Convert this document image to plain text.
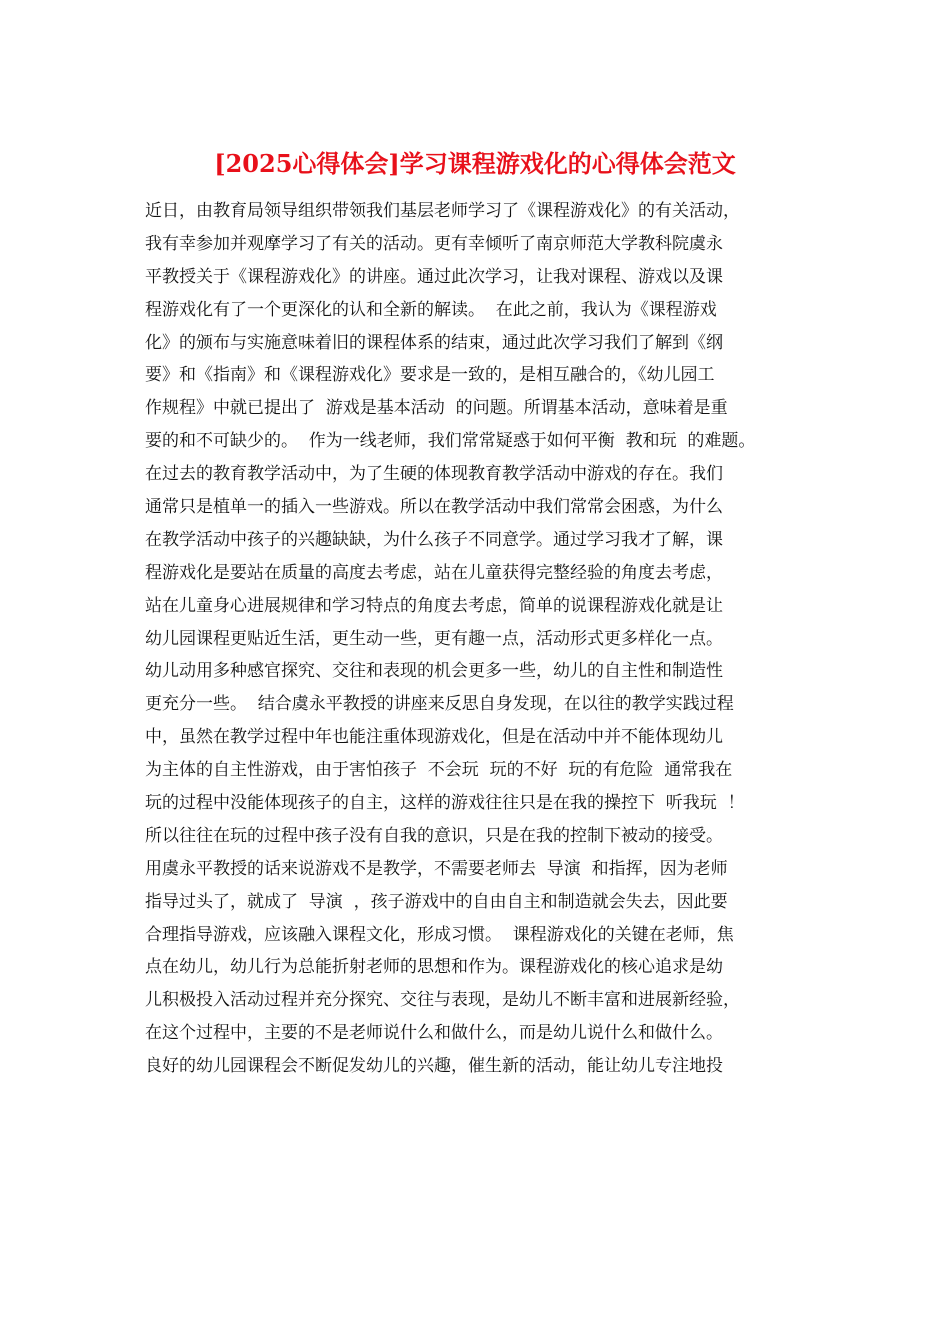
[2025心得体会]学习课程游戏化的心得体会范文
近日，由教育局领导组织带领我们基层老师学习了《课程游戏化》的有关活动，
我有幸参加并观摩学习了有关的活动。更有幸倾听了南京师范大学教科院虞永
平教授关于《课程游戏化》的讲座。通过此次学习，让我对课程、游戏以及课
程游戏化有了一个更深化的认和全新的解读。  在此之前，我认为《课程游戏
化》的颁布与实施意味着旧的课程体系的结束，通过此次学习我们了解到《纲
要》和《指南》和《课程游戏化》要求是一致的，是相互融合的，《幼儿园工
作规程》中就已提出了  游戏是基本活动  的问题。所谓基本活动，意味着是重
要的和不可缺少的。  作为一线老师，我们常常疑惑于如何平衡  教和玩  的难题。
在过去的教育教学活动中，为了生硬的体现教育教学活动中游戏的存在。我们
通常只是植单一的插入一些游戏。所以在教学活动中我们常常会困惑，为什么
在教学活动中孩子的兴趣缺缺，为什么孩子不同意学。通过学习我才了解，课
程游戏化是要站在质量的高度去考虑，站在儿童获得完整经验的角度去考虑，
站在儿童身心进展规律和学习特点的角度去考虑，简单的说课程游戏化就是让
幼儿园课程更贴近生活，更生动一些，更有趣一点，活动形式更多样化一点。
幼儿动用多种感官探究、交往和表现的机会更多一些，幼儿的自主性和制造性
更充分一些。  结合虞永平教授的讲座来反思自身发现，在以往的教学实践过程
中，虽然在教学过程中年也能注重体现游戏化，但是在活动中并不能体现幼儿
为主体的自主性游戏，由于害怕孩子  不会玩  玩的不好  玩的有危险  通常我在
玩的过程中没能体现孩子的自主，这样的游戏往往只是在我的操控下  听我玩  ！
所以往往在玩的过程中孩子没有自我的意识，只是在我的控制下被动的接受。
用虞永平教授的话来说游戏不是教学，不需要老师去  导演  和指挥，因为老师
指导过头了，就成了  导演  ，孩子游戏中的自由自主和制造就会失去，因此要
合理指导游戏，应该融入课程文化，形成习惯。  课程游戏化的关键在老师，焦
点在幼儿，幼儿行为总能折射老师的思想和作为。课程游戏化的核心追求是幼
儿积极投入活动过程并充分探究、交往与表现，是幼儿不断丰富和进展新经验，
在这个过程中，主要的不是老师说什么和做什么，而是幼儿说什么和做什么。
良好的幼儿园课程会不断促发幼儿的兴趣，催生新的活动，能让幼儿专注地投
